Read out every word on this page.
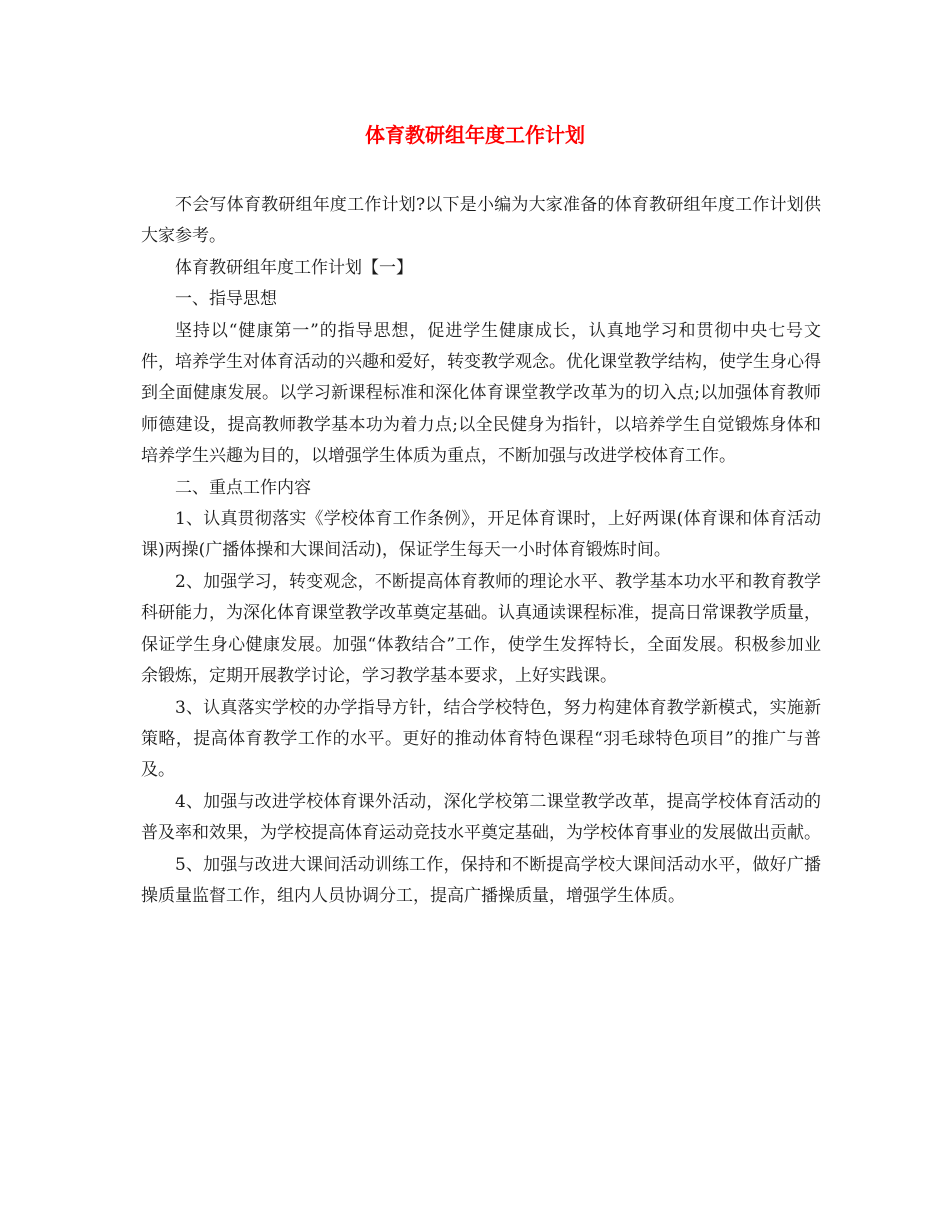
体育教研组年度工作计划

不会写体育教研组年度工作计划?以下是小编为大家准备的体育教研组年度工作计划供大家参考。

体育教研组年度工作计划【一】

一、指导思想

坚持以“健康第一”的指导思想，促进学生健康成长，认真地学习和贯彻中央七号文件，培养学生对体育活动的兴趣和爱好，转变教学观念。优化课堂教学结构，使学生身心得到全面健康发展。以学习新课程标准和深化体育课堂教学改革为的切入点;以加强体育教师师德建设，提高教师教学基本功为着力点;以全民健身为指针，以培养学生自觉锻炼身体和培养学生兴趣为目的，以增强学生体质为重点，不断加强与改进学校体育工作。

二、重点工作内容

1、认真贯彻落实《学校体育工作条例》，开足体育课时，上好两课(体育课和体育活动课)两操(广播体操和大课间活动)，保证学生每天一小时体育锻炼时间。

2、加强学习，转变观念，不断提高体育教师的理论水平、教学基本功水平和教育教学科研能力，为深化体育课堂教学改革奠定基础。认真通读课程标准，提高日常课教学质量，保证学生身心健康发展。加强“体教结合”工作，使学生发挥特长，全面发展。积极参加业余锻炼，定期开展教学讨论，学习教学基本要求，上好实践课。

3、认真落实学校的办学指导方针，结合学校特色，努力构建体育教学新模式，实施新策略，提高体育教学工作的水平。更好的推动体育特色课程“羽毛球特色项目”的推广与普及。

4、加强与改进学校体育课外活动，深化学校第二课堂教学改革，提高学校体育活动的普及率和效果，为学校提高体育运动竞技水平奠定基础，为学校体育事业的发展做出贡献。

5、加强与改进大课间活动训练工作，保持和不断提高学校大课间活动水平，做好广播操质量监督工作，组内人员协调分工，提高广播操质量，增强学生体质。
